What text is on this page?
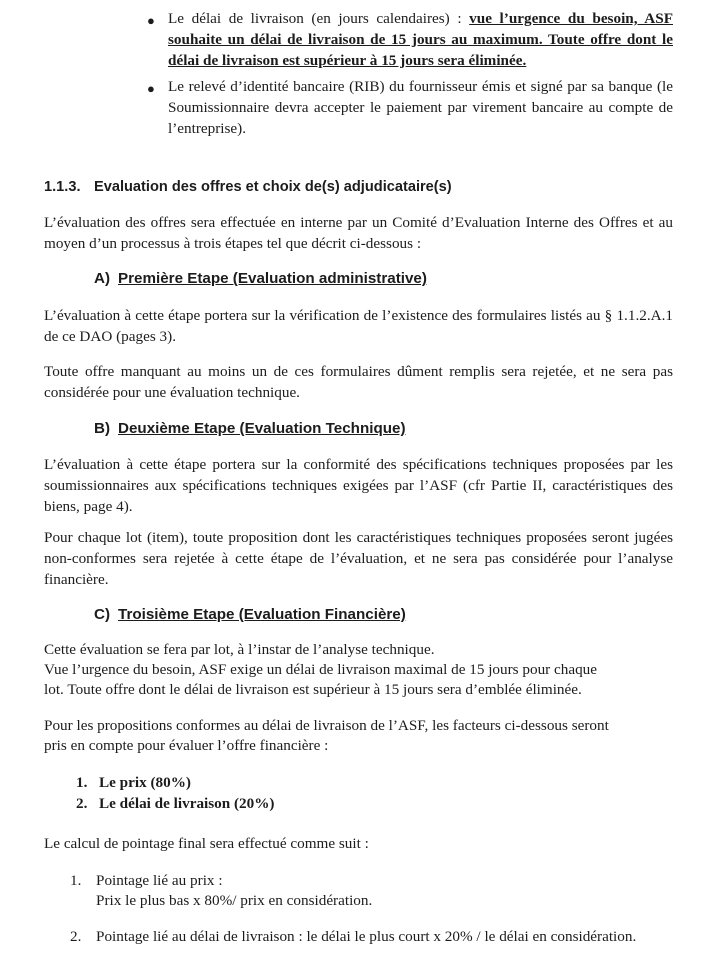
● Le délai de livraison (en jours calendaires) : vue l’urgence du besoin, ASF souhaite un délai de livraison de 15 jours au maximum. Toute offre dont le délai de livraison est supérieur à 15 jours sera éliminée.
● Le relevé d’identité bancaire (RIB) du fournisseur émis et signé par sa banque (le Soumissionnaire devra accepter le paiement par virement bancaire au compte de l’entreprise).
1.1.3. Evaluation des offres et choix de(s) adjudicataire(s)
L’évaluation des offres sera effectuée en interne par un Comité d’Evaluation Interne des Offres et au moyen d’un processus à trois étapes tel que décrit ci-dessous :
A) Première Etape (Evaluation administrative)
L’évaluation à cette étape portera sur la vérification de l’existence des formulaires listés au § 1.1.2.A.1 de ce DAO (pages 3).
Toute offre manquant au moins un de ces formulaires dûment remplis sera rejetée, et ne sera pas considérée pour une évaluation technique.
B) Deuxième Etape (Evaluation Technique)
L’évaluation à cette étape portera sur la conformité des spécifications techniques proposées par les soumissionnaires aux spécifications techniques exigées par l’ASF (cfr Partie II, caractéristiques des biens, page 4).
Pour chaque lot (item), toute proposition dont les caractéristiques techniques proposées seront jugées non-conformes sera rejetée à cette étape de l’évaluation, et ne sera pas considérée pour l’analyse financière.
C) Troisième Etape (Evaluation Financière)
Cette évaluation se fera par lot, à l’instar de l’analyse technique.
Vue l’urgence du besoin, ASF exige un délai de livraison maximal de 15 jours pour chaque
lot. Toute offre dont le délai de livraison est supérieur à 15 jours sera d’emblée éliminée.
Pour les propositions conformes au délai de livraison de l’ASF, les facteurs ci-dessous seront
pris en compte pour évaluer l’offre financière :
1. Le prix (80%)
2. Le délai de livraison (20%)
Le calcul de pointage final sera effectué comme suit :
1. Pointage lié au prix :
Prix le plus bas x 80%/ prix en considération.
2. Pointage lié au délai de livraison : le délai le plus court x 20% / le délai en considération.
